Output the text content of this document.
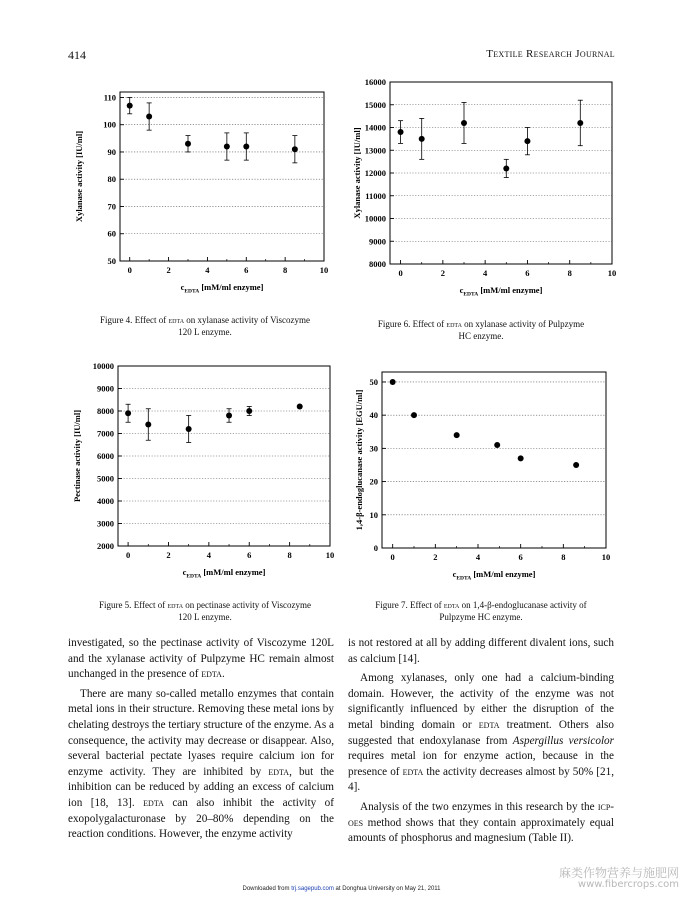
414	Textile Research Journal
50
60
70
80
90
100
110
0	2	4	6	8	10
Xylanase activity [IU/ml]
$c_{EDTA}$ [mM/ml enzyme]
8000
9000
10000
11000
12000
13000
14000
15000
16000
0	2	4	6	8	10
Xylanase activity [IU/ml]
$c_{EDTA}$ [mM/ml enzyme]
2000
3000
4000
5000
6000
7000
8000
9000
10000
0	2	4	6	8	10
Pectinase activity [IU/ml]
$c_{EDTA}$ [mM/ml enzyme]
0
10
20
30
40
50
0	2	4	6	8	10
1,4-β-endoglucanase activity [EGU/ml]
$c_{EDTA}$ [mM/ml enzyme]
Figure 4. Effect of edta on xylanase activity of Viscozyme
120 L enzyme.
Figure 6. Effect of edta on xylanase activity of Pulpzyme
HC enzyme.
Figure 5. Effect of edta on pectinase activity of Viscozyme
120 L enzyme.
Figure 7. Effect of edta on 1,4-β-endoglucanase activity of
Pulpzyme HC enzyme.

investigated, so the pectinase activity of Viscozyme 120L and the xylanase activity of Pulpzyme HC remain almost unchanged in the presence of edta.

There are many so-called metallo enzymes that contain metal ions in their structure. Removing these metal ions by chelating destroys the tertiary structure of the enzyme. As a consequence, the activity may decrease or disappear. Also, several bacterial pectate lyases require calcium ion for enzyme activity. They are inhibited by edta, but the inhibition can be reduced by adding an excess of calcium ion [18, 13]. edta can also inhibit the activity of exopolygalacturonase by 20–80% depending on the reaction conditions. However, the enzyme activity

is not restored at all by adding different divalent ions, such as calcium [14].

Among xylanases, only one had a calcium-binding domain. However, the activity of the enzyme was not significantly influenced by either the disruption of the metal binding domain or edta treatment. Others also suggested that endoxylanase from Aspergillus versicolor requires metal ion for enzyme action, because in the presence of edta the activity decreases almost by 50% [21, 4].

Analysis of the two enzymes in this research by the icp-oes method shows that they contain approximately equal amounts of phosphorus and magnesium (Table II).

Downloaded from trj.sagepub.com at Donghua University on May 21, 2011
麻类作物营养与施肥网
www.fibercrops.com
